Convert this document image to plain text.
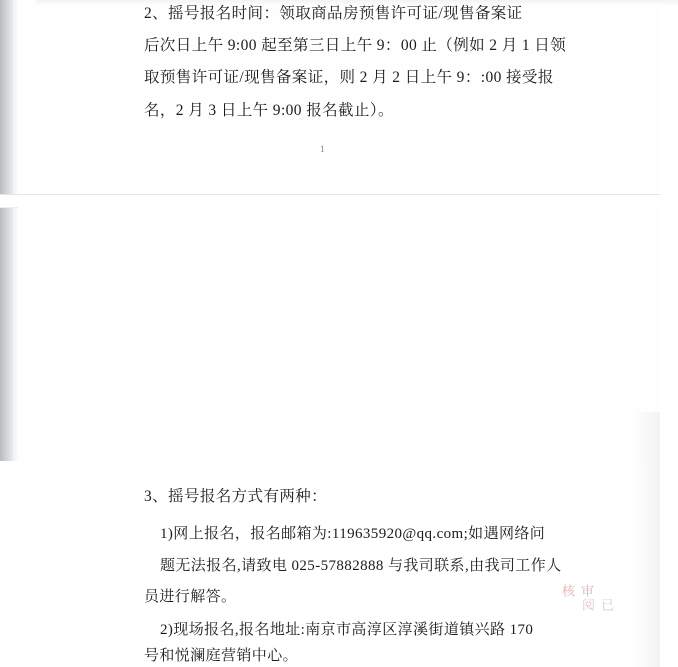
2、摇号报名时间：领取商品房预售许可证/现售备案证
后次日上午 9:00 起至第三日上午 9：00 止（例如 2 月 1 日领
取预售许可证/现售备案证，则 2 月 2 日上午 9：:00 接受报
名，2 月 3 日上午 9:00 报名截止）。
1
3、摇号报名方式有两种：
1)网上报名，报名邮箱为:119635920@qq.com;如遇网络问
题无法报名,请致电 025-57882888 与我司联系,由我司工作人
员进行解答。
2)现场报名,报名地址:南京市高淳区淳溪街道镇兴路 170
号和悦澜庭营销中心。
审核
已阅
